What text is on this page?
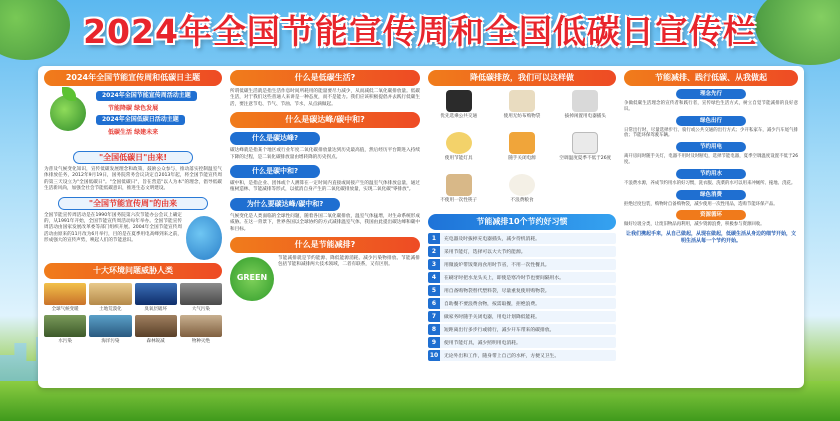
2024年全国节能宣传周和全国低碳日宣传栏
2024年全国节能宣传周和低碳日主题
2024年全国节能宣传周活动主题
节能降碳 绿色发展
2024年全国低碳日活动主题
低碳生活 绿建未来
"全国低碳日"由来!
为普及气候变化知识，宣传低碳发展理念和政策，鼓励公众参与，推动落实控制温室气体排放任务，2012年9月19日，国务院常务会议决定自2013年起，将全国节能宣传周的第三天设立为"全国低碳日"。"全国低碳日"，旨在营造"以人为本"的理念，倡导低碳生活新风尚，加强全社会节能低碳意识，推进生态文明建设。
"全国节能宣传周"的由来
全国节能宣传周活动是在1990年国务院第六次节能办公会议上确定的，从1991年开始，全国节能宣传周活动每年举办。全国节能宣传周活动由国家发展改革委等部门组织开展。2004年全国节能宣传周活动由原来的11月改为6月举行，目的是在夏季用电高峰到来之前，形成强大的宣传声势，唤起人们的节能意识。
十大环境问题威胁人类
全球气候变暖	土地荒漠化	臭氧层破坏	大气污染
水污染	海洋污染	森林锐减	物种灭绝
什么是低碳生活?
所谓低碳生活就是指生活作息时间所耗用的能量要尽力减少，从而减低二氧化碳排放量。低碳生活，对于我们这些普通人来讲是一种态度，而不是能力。我们应该积极提倡并去践行低碳生活，要注意节电、节气、节油、节水，从点滴做起。
什么是碳达峰/碳中和?
什么是碳达峰?
碳达峰就是指某个地区或行业年度二氧化碳排放量达到历史最高值，然后经历平台期进入持续下降的过程，是二氧化碳排放量由增转降的历史拐点。
什么是碳中和?
碳中和，是指企业、团体或个人测算在一定时间内直接或间接产生的温室气体排放总量，通过植树造林、节能减排等形式，以抵消自身产生的二氧化碳排放量，实现二氧化碳"零排放"。
为什么要碳达峰/碳中和?
气候变化是人类面临的全球性问题，随着各国二氧化碳排放，温室气体猛增，对生命系统形成威胁。在这一背景下，世界各国以全球协约的方式减排温室气体，我国由此提出碳达峰和碳中和目标。
什么是节能减排?
GREEN
节能减排就是节约能源、降低能源消耗、减少污染物排放。节能减排包括节能和减排两大技术领域，二者有联系，又有区别。
降低碳排放，我们可以这样做
优先选乘公共交通	使用无纺布购物袋	拔掉闲置用电器插头
使用节能灯具	随手关闭电源	空调温度夏季不低于26度
不使用一次性筷子	不浪费粮食
节能减排10个节约好习惯
1	充电器及时拔掉充电器插头，减少待机消耗。
2	采用节能灯，选择可以大大节约能源。
3	用微波炉带饭菜再食用时节省，不用一次性餐具。
4	在刷牙时把水龙头关上，即使是寒冷时节也要间隔用水。
5	用自备购物袋替代塑料袋，尽量重复使用购物袋。
6	自助餐不要浪费食物，按需取餐，拒绝浪费。
7	做家务时随手关闭电器，用电计划降低能耗。
8	短距离出行多步行或骑行，减少开车带来的碳排放。
9	使用节能灯具，减少照明用电消耗。
10	无论外出和工作，随身带上自己的水杯，方便又卫生。
节能减排、践行低碳、从我做起
理念先行
争做低碳生活理念的宣传者和践行者，宣传绿色生活方式，树立自觉节能减排的良好意识。
绿色出行
日常出行时，尽量选择步行、骑行或公共交通的出行方式；少开私家车，减少汽车尾气排放；节能环保驾驶车辆。
节约用电
离开房间时随手关灯，电器不用时及时断电，选择节能电器，夏季空调温度设置不低于26度。
节约用水
不浪费水源，养成节约用水的好习惯，洗衣服、洗菜的水可以用来冲厕所、拖地、浇花。
绿色消费
拒绝过度包装，购物时自备购物袋，减少使用一次性用品，选购节能环保产品。
资源循环
做好垃圾分类，让废旧物品再利用，减少资源浪费，积极参与资源回收。
让我们携起手来，从自己做起，从现在做起，低碳生活从身边的细节开始，文明生活从每一个节约开始。
